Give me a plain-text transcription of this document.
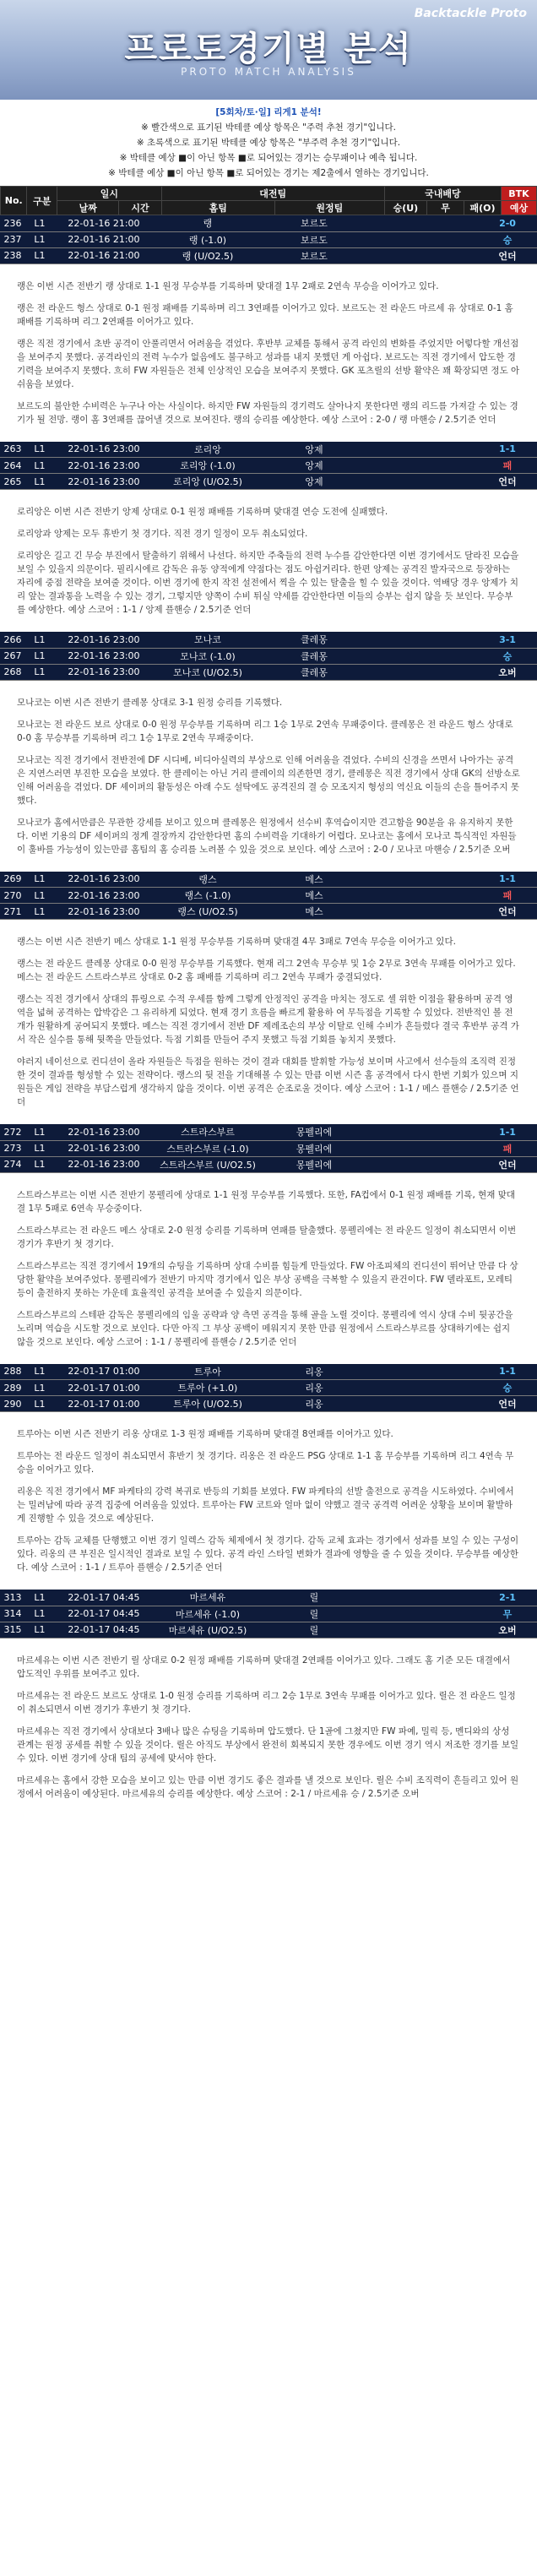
Backtackle Proto
프로토경기별 분석
PROTO MATCH ANALYSIS
[5회차/토·일] 리게1 분석!
※ 빨간색으로 표기된 박테클 예상 항목은 "주력 추천 경기"입니다.
※ 초록색으로 표기된 박테클 예상 항목은 "부주력 추천 경기"입니다.
※ 박테클 예상 ■이 아닌 항목 ■로 되어있는 경기는 승무패이나 예측 됩니다.
※ 박테클 예상 ■이 아닌 항목 ■로 되어있는 경기는 제2출에서 열하는 경기입니다.
No.	구분	일시		대전팀		국내배당			BTK
		날짜	시간	홈팀	원정팀	승(U)	무	패(O)	예상
236	L1	22-01-16 21:00	랭	보르도				2-0
237	L1	22-01-16 21:00	랭 (-1.0)	보르도				승
238	L1	22-01-16 21:00	랭 (U/O2.5)	보르도				언더

랭은 이번 시즌 전반기 랭 상대로 1-1 원정 무승부를 기록하며 맞대결 1무 2패로 2연속 무승을 이어가고 있다.

랭은 전 라운드 형스 상대로 0-1 원정 패배를 기록하며 리그 3연패를 이어가고 있다. 보르도는 전 라운드 마르세 유 상대로 0-1 홈 패배를 기록하며 리그 2연패를 이어가고 있다.

랭은 직전 경기에서 초반 공격이 안풀리면서 어려움을 겪었다. 후반부 교체를 통해서 공격 라인의 변화를 주었지만 어렇다할 개선점을 보여주지 못했다. 공격라인의 전력 누수가 없음에도 불구하고 성과를 내지 못했던 게 아쉽다. 보르도는 직전 경기에서 압도한 경기력을 보여주지 못했다. 흐히 FW 자원들은 전체 인상적인 모습을 보여주지 못했다. GK 포츠릴의 선방 활약은 꽤 확장되면 정도 아쉬움을 보였다.

보르도의 불안한 수비력은 누구나 아는 사실이다. 하지만 FW 자원들의 경기력도 살아나지 못한다면 랭의 리드를 가져갈 수 있는 경기가 될 전망. 랭이 홈 3연패를 끊어낼 것으로 보여진다. 랭의 승리를 예상한다. 예상 스코어 : 2-0 / 랭 마핸승 / 2.5기준 언더

263	L1	22-01-16 23:00	로리앙	앙제				1-1
264	L1	22-01-16 23:00	로리앙 (-1.0)	앙제				패
265	L1	22-01-16 23:00	로리앙 (U/O2.5)	앙제				언더

로리앙은 이번 시즌 전반기 앙제 상대로 0-1 원정 패배를 기록하며 맞대결 연승 도전에 실패했다.

로리앙과 앙제는 모두 휴반기 첫 경기다. 직전 경기 일정이 모두 취소되었다.

로리앙은 길고 긴 무승 부진에서 탈출하기 위해서 나선다. 하지만 주축들의 전력 누수를 감안한다면 이번 경기에서도 달라진 모습을 보일 수 있을지 의문이다. 필리시에르 감독은 유동 양적에게 약점다는 점도 아쉽거리다. 한편 앙제는 공격진 발자국으로 등장하는 자리에 중점 전략을 보여줄 것이다. 이번 경기에 한지 작전 설전에서 찍을 수 있는 탈출을 힐 수 있을 것이다. 역배당 경우 앙제가 치리 앞는 결과통을 노력을 수 있는 경기, 그렇지만 양쪽이 수비 튀실 약세를 감안한다면 이들의 승부는 쉽지 않을 듯 보인다. 무승부를 예상한다. 예상 스코어 : 1-1 / 앙제 플핸승 / 2.5기준 언더

266	L1	22-01-16 23:00	모나코	클레몽				3-1
267	L1	22-01-16 23:00	모나코 (-1.0)	클레몽				승
268	L1	22-01-16 23:00	모나코 (U/O2.5)	클레몽				오버

모나코는 이번 시즌 전반기 클레몽 상대로 3-1 원정 승리를 기록했다.

모나코는 전 라운드 보르 상대로 0-0 원정 무승부를 기록하며 리그 1승 1무로 2연속 무패중이다. 클레몽은 전 라운드 형스 상대로 0-0 홈 무승부를 기록하며 리그 1승 1무로 2연속 무패중이다.

모나코는 직전 경기에서 전반전에 DF 시디베, 비디아실력의 부상으로 인해 어려움을 겪었다. 수비의 신경을 쓰면서 나아가는 공격은 지연스러면 부진한 모습을 보였다. 한 클레이는 아닌 거리 클레이의 의존한면 경기, 클레몽은 직전 경기에서 상대 GK의 선방쇼로 인해 어려움을 겪었다. DF 셰이퍼의 활동성은 아래 수도 설탁에도 공격진의 결 승 모조지지 형성의 역신요 이들의 손을 틀어주지 못했다.

모나코가 홈에서만큼은 무관한 강세를 보이고 있으며 클레몽은 원정에서 선수비 후역습이지만 견고함을 90분을 유 유지하지 못한다. 이번 기용의 DF 세이퍼의 정계 결장까지 감안한다면 홈의 수비력을 기대하기 어렵다. 모나코는 홈에서 모나코 특식적인 자원들이 훌바를 가능성이 있는만큼 홈팀의 홈 승리를 노려볼 수 있을 것으로 보인다. 예상 스코어 : 2-0 / 모나코 마핸승 / 2.5기준 오버

269	L1	22-01-16 23:00	랭스	메스				1-1
270	L1	22-01-16 23:00	랭스 (-1.0)	메스				패
271	L1	22-01-16 23:00	랭스 (U/O2.5)	메스				언더

랭스는 이번 시즌 전반기 메스 상대로 1-1 원정 무승부를 기록하며 맞대결 4무 3패로 7연속 무승을 이어가고 있다.

랭스는 전 라운드 클레몽 상대로 0-0 원정 무승부를 기록했다. 현재 리그 2연속 무승부 및 1승 2무로 3연속 무패를 이어가고 있다. 메스는 전 라운드 스트라스부르 상대로 0-2 홈 패배를 기록하며 리그 2연속 무패가 중결되었다.

랭스는 직전 경기에서 상대의 튜링으로 수적 우세를 함께 그렇게 안정적인 공격을 마치는 정도로 셀 위한 이점을 활용하며 공격 영역을 넓혀 공격하는 압박감은 그 유리하게 되었다. 현재 경기 흐름을 빠르게 활용하 여 무득점을 기록할 수 있었다. 전반적인 볼 전개가 원활하게 공여되지 못했다. 메스는 직전 경기에서 전반 DF 제레조손의 부상 이탈로 인해 수비가 흔들렸다 결국 후반부 공격 가서 작은 실수를 통해 뒷쪽을 만들었다. 득점 기회를 만들어 주지 못했고 득점 기회를 놓치지 못했다.

야러지 네이선으로 컨디션이 올라 자원들은 득점을 원하는 것이 결과 대회를 발휘할 가능성 보이며 사고에서 선수들의 조직력 진정한 것이 결과를 형성할 수 있는 전략이다. 랭스의 뒷 전을 기대해볼 수 있는 만큼 이번 시즌 홈 공격에서 다시 한번 기회가 있으며 지원들은 게임 전략을 부담스럽게 생각하지 않을 것이다. 이번 공격은 순조로울 것이다. 예상 스코어 : 1-1 / 메스 플핸승 / 2.5기준 언더

272	L1	22-01-16 23:00	스트라스부르	몽펠리에				1-1
273	L1	22-01-16 23:00	스트라스부르 (-1.0)	몽펠리에				패
274	L1	22-01-16 23:00	스트라스부르 (U/O2.5)	몽펠리에				언더

스트라스부르는 이번 시즌 전반기 몽펠리에 상대로 1-1 원정 무승부를 기록했다. 또한, FA컵에서 0-1 원정 패배를 기록, 현재 맞대결 1무 5패로 6연속 무승중이다.

스트라스부르는 전 라운드 메스 상대로 2-0 원정 승리를 기록하며 연패를 탈출했다. 몽펠리에는 전 라운드 일정이 취소되면서 이번 경기가 후반기 첫 경기다.

스트라스부르는 직전 경기에서 19개의 슈팅을 기록하며 상대 수비를 힘들게 만들었다. FW 아조피체의 컨디션이 뛰어난 만큼 다 상당한 활약을 보여주었다. 몽펠리에가 전반기 마지막 경기에서 입은 부상 공백을 극복할 수 있을지 관건이다. FW 델라포트, 모레티 등이 출전하지 못하는 가운데 효율적인 공격을 보여줄 수 있을지 의문이다.

스트라스부르의 스테판 감독은 몽펠리에의 임울 공략과 양 측면 공격을 통해 골을 노릴 것이다. 몽펠리에 역시 상대 수비 뒷공간을 노리며 역습을 시도할 것으로 보인다. 다만 아직 그 부상 공백이 메워지지 못한 만큼 원정에서 스트라스부르를 상대하기에는 쉽지 않을 것으로 보인다. 예상 스코어 : 1-1 / 몽펠리에 플핸승 / 2.5기준 언더

288	L1	22-01-17 01:00	트루아	리옹				1-1
289	L1	22-01-17 01:00	트루아 (+1.0)	리옹				승
290	L1	22-01-17 01:00	트루아 (U/O2.5)	리옹				언더

트루아는 이번 시즌 전반기 리옹 상대로 1-3 원정 패배를 기록하며 맞대결 8연패를 이어가고 있다.

트루아는 전 라운드 일정이 취소되면서 휴반기 첫 경기다. 리옹은 전 라운드 PSG 상대로 1-1 홈 무승부를 기록하며 리그 4연속 무승을 이어가고 있다.

리옹은 직전 경기에서 MF 파케타의 강력 복귀로 반등의 기회를 보였다. FW 파케타의 선발 출전으로 공격을 시도하였다. 수비에서는 밀려남에 따라 공격 집중에 어려움을 있었다. 트루아는 FW 코트와 얼마 없이 약했고 결국 공격력 어려운 상황을 보이며 활발하게 진행할 수 있을 것으로 예상된다.

트루아는 감독 교체를 단행했고 이번 경기 일렉스 감독 체제에서 첫 경기다. 감독 교체 효과는 경기에서 성과를 보일 수 있는 구성이 있다. 리옹의 큰 부진은 일시적인 결과로 보일 수 있다. 공격 라인 스타일 변화가 결과에 영향을 줄 수 있을 것이다. 무승부를 예상한다. 예상 스코어 : 1-1 / 트루아 플핸승 / 2.5기준 언더

313	L1	22-01-17 04:45	마르세유	릴				2-1
314	L1	22-01-17 04:45	마르세유 (-1.0)	릴				무
315	L1	22-01-17 04:45	마르세유 (U/O2.5)	릴				오버

마르세유는 이번 시즌 전반기 릴 상대로 0-2 원정 패배를 기록하며 맞대결 2연패를 이어가고 있다. 그래도 홈 기준 모든 대결에서 압도적인 우위를 보여주고 있다.

마르세유는 전 라운드 보르도 상대로 1-0 원정 승리를 기록하며 리그 2승 1무로 3연속 무패를 이어가고 있다. 릴은 전 라운드 일정이 취소되면서 이번 경기가 후반기 첫 경기다.

마르세유는 직전 경기에서 상대보다 3배나 많은 슈팅을 기록하며 압도했다. 단 1골에 그쳤지만 FW 파예, 밀릭 등, 멘디와의 상성 관계는 원정 공세를 취할 수 있을 것이다. 릴은 아직도 부상에서 완전히 회복되지 못한 경우에도 이번 경기 역시 저조한 경기를 보일 수 있다. 이번 경기에 상대 팀의 공세에 맞서야 한다.

마르세유는 홈에서 강한 모습을 보이고 있는 만큼 이번 경기도 좋은 결과를 낼 것으로 보인다. 릴은 수비 조직력이 흔들리고 있어 원정에서 어려움이 예상된다. 마르세유의 승리를 예상한다. 예상 스코어 : 2-1 / 마르세유 승 / 2.5기준 오버
